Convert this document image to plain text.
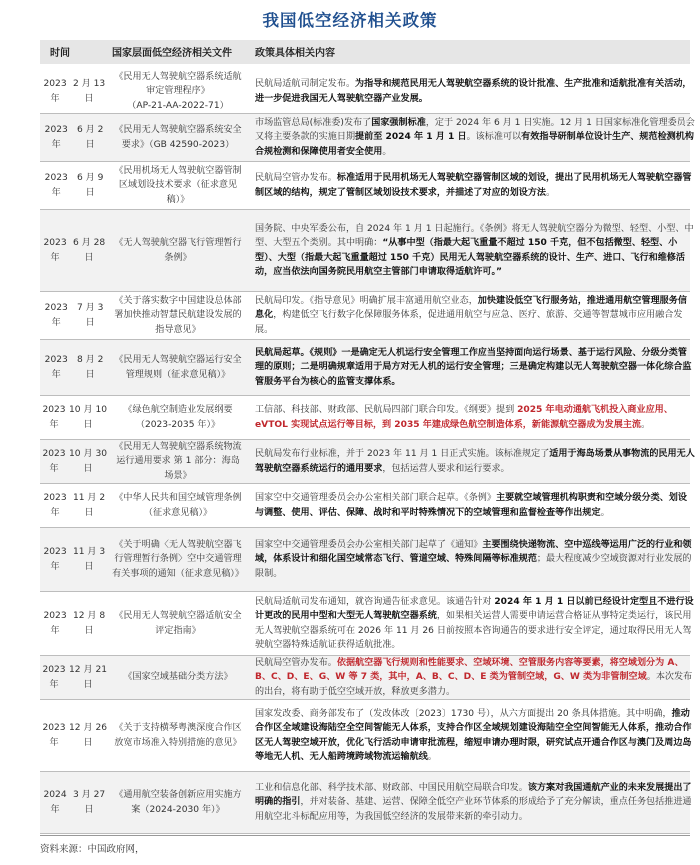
我国低空经济相关政策
时间	国家层面低空经济相关文件 政策具体相关内容
2023 年
2 月 13 日
《民用无人驾驶航空器系统适航审定管理程序》
（AP-21-AA-2022-71）
民航局适航司制定发布。为指导和规范民用无人驾驶航空器系统的设计批准、生产批准和适航批准有关活动，进一步促进我国无人驾驶航空器产业发展。
2023 年
6 月 2 日
《民用无人驾驶航空器系统安全要求》（GB 42590-2023）
市场监管总局(标准委)发布了国家强制标准，定于 2024 年 6 月 1 日实施。12 月 1 日国家标准化管理委员会又将主要条款的实施日期提前至 2024 年 1 月 1 日。该标准可以有效指导研制单位设计生产、规范检测机构合规检测和保障使用者安全使用。
2023 年
6 月 9 日
《民用机场无人驾驶航空器管制区域划设技术要求（征求意见稿）》
民航局空管办发布。标准适用于民用机场无人驾驶航空器管制区域的划设，提出了民用机场无人驾驶航空器管制区域的结构，规定了管制区域划设技术要求，并描述了对应的划设方法。
2023 年
6 月 28 日
《无人驾驶航空器飞行管理暂行条例》
国务院、中央军委公布，自 2024 年 1 月 1 日起施行。《条例》将无人驾驶航空器分为微型、轻型、小型、中型、大型五个类别。其中明确：“从事中型（指最大起飞重量不超过 150 千克，但不包括微型、轻型、小型）、大型（指最大起飞重量超过 150 千克）民用无人驾驶航空器系统的设计、生产、进口、飞行和维修活动，应当依法向国务院民用航空主管部门申请取得适航许可。”
2023 年
7 月 3 日
《关于落实数字中国建设总体部署加快推动智慧民航建设发展的指导意见》
民航局印发。《指导意见》明确扩展丰富通用航空业态，加快建设低空飞行服务站，推进通用航空管理服务信息化，构建低空飞行数字化保障服务体系，促进通用航空与应急、医疗、旅游、交通等智慧城市应用融合发展。
2023 年
8 月 2 日
《民用无人驾驶航空器运行安全管理规则（征求意见稿）》
民航局起草。《规则》一是确定无人机运行安全管理工作应当坚持面向运行场景、基于运行风险、分级分类管理的原则；二是明确规章适用于局方对无人机的运行安全管理；三是确定构建以无人驾驶航空器一体化综合监管服务平台为核心的监管支撑体系。
2023 年
10 月 10 日
《绿色航空制造业发展纲要（2023-2035 年）》
工信部、科技部、财政部、民航局四部门联合印发。《纲要》提到 2025 年电动通航飞机投入商业应用、eVTOL 实现试点运行等目标，到 2035 年建成绿色航空制造体系，新能源航空器成为发展主流。
2023 年
10 月 30 日
《民用无人驾驶航空器系统物流运行通用要求 第 1 部分：海岛场景》
民航局发布行业标准，并于 2023 年 11 月 1 日正式实施。该标准规定了适用于海岛场景从事物流的民用无人驾驶航空器系统运行的通用要求，包括运营人要求和运行要求。
2023 年
11 月 2 日
《中华人民共和国空域管理条例（征求意见稿）》
国家空中交通管理委员会办公室相关部门联合起草。《条例》主要就空域管理机构职责和空域分级分类、划设与调整、使用、评估、保障、战时和平时特殊情况下的空域管理和监督检查等作出规定。
2023 年
11 月 3 日
《关于明确〈无人驾驶航空器飞行管理暂行条例〉空中交通管理有关事项的通知（征求意见稿）》
国家空中交通管理委员会办公室相关部门起草了《通知》主要围绕快递物流、空中巡线等运用广泛的行业和领域，体系设计和细化国空域常态飞行、管道空域、特殊间隔等标准规范；最大程度减少空域资源对行业发展的限制。
2023 年
12 月 8 日
《民用无人驾驶航空器适航安全评定指南》
民航局适航司发布通知，就咨询通告征求意见。该通告针对 2024 年 1 月 1 日以前已经设计定型且不进行设计更改的民用中型和大型无人驾驶航空器系统，如果相关运营人需要申请运营合格证从事特定类运行，该民用无人驾驶航空器系统可在 2026 年 11 月 26 日前按照本咨询通告的要求进行安全评定，通过取得民用无人驾驶航空器特殊适航证获得适航批准。
2023 年
12 月 21 日
《国家空域基础分类方法》
民航局空管办发布。依据航空器飞行规则和性能要求、空域环境、空管服务内容等要素，将空域划分为 A、B、C、D、E、G、W 等 7 类，其中，A、B、C、D、E 类为管制空域，G、W 类为非管制空域。本次发布的出台，将有助于低空空域开放，释放更多潜力。
2023 年
12 月 26 日
《关于支持横琴粤澳深度合作区放宽市场准入特别措施的意见》
国家发改委、商务部发布了（发改体改〔2023〕1730 号），从六方面提出 20 条具体措施。其中明确，推动合作区全域建设海陆空全空间智能无人体系，支持合作区全域规划建设海陆空全空间智能无人体系，推动合作区无人驾驶空域开放，优化飞行活动申请审批流程，缩短申请办理时限，研究试点开通合作区与澳门及周边岛等地无人机、无人船跨境跨域物流运输航线。
2024 年
3 月 27 日
《通用航空装备创新应用实施方案（2024-2030 年）》
工业和信息化部、科学技术部、财政部、中国民用航空局联合印发。该方案对我国通航产业的未来发展提出了明确的指引，并对装备、基建、运营、保障全低空产业环节体系的形成给予了充分解读，重点任务包括推进通用航空北斗标配应用等，为我国低空经济的发展带来新的牵引动力。
资料来源：中国政府网，
